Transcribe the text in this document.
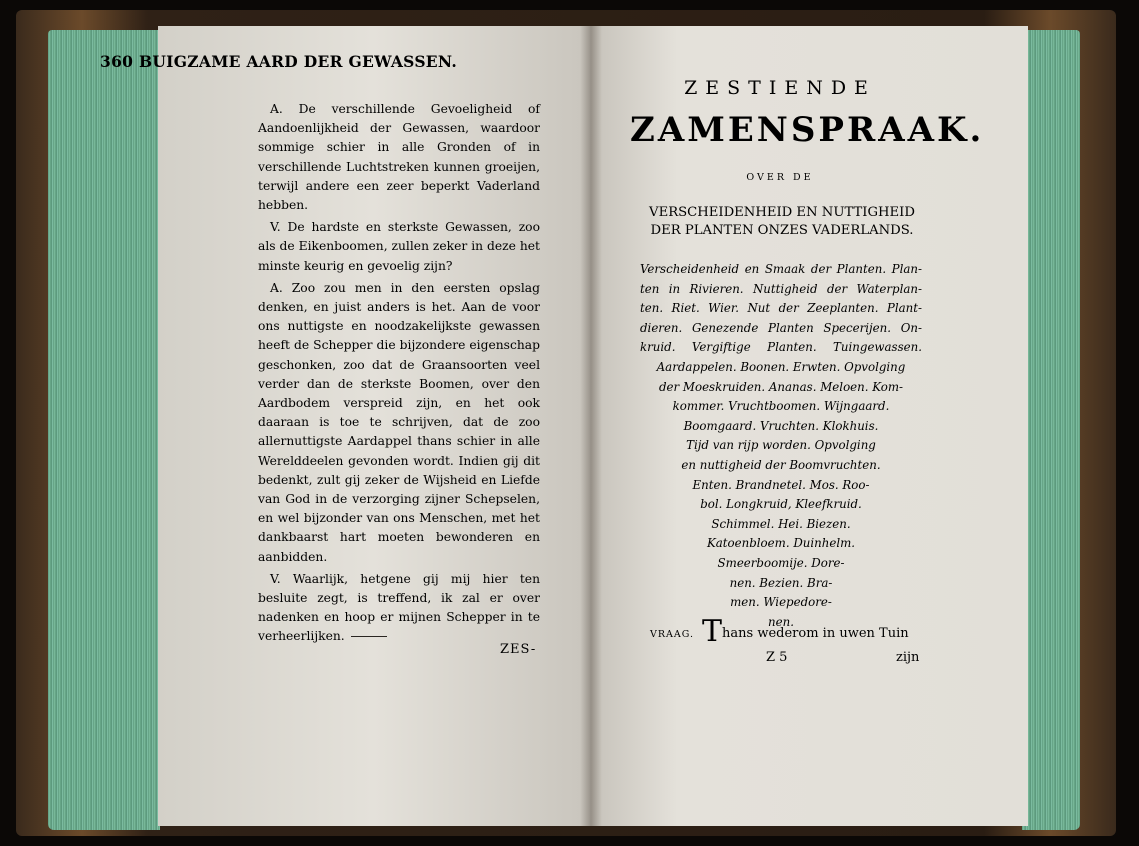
360 BUIGZAME AARD DER GEWASSEN.

A. De verschillende Gevoeligheid of Aandoenlijkheid der Gewassen, waardoor sommige schier in alle Gronden of in verschillende Luchtstreken kunnen groeijen, terwijl andere een zeer beperkt Vaderland hebben.

V. De hardste en sterkste Gewassen, zoo als de Eikenboomen, zullen zeker in deze het minste keurig en gevoelig zijn?

A. Zoo zou men in den eersten opslag denken, en juist anders is het. Aan de voor ons nuttigste en noodzakelijkste gewassen heeft de Schepper die bijzondere eigenschap geschonken, zoo dat de Graansoorten veel verder dan de sterkste Boomen, over den Aardbodem verspreid zijn, en het ook daaraan is toe te schrijven, dat de zoo allernuttigste Aardappel thans schier in alle Werelddeelen gevonden wordt. Indien gij dit bedenkt, zult gij zeker de Wijsheid en Liefde van God in de verzorging zijner Schepselen, en wel bijzonder van ons Menschen, met het dankbaarst hart moeten bewonderen en aanbidden.

V. Waarlijk, hetgene gij mij hier ten besluite zegt, is treffend, ik zal er over nadenken en hoop er mijnen Schepper in te verheerlijken.

ZES-
ZESTIENDE
ZAMENSPRAAK.
OVER DE
VERSCHEIDENHEID EN NUTTIGHEID
DER PLANTEN ONZES VADERLANDS.
Verscheidenheid en Smaak der Planten. Plan-
ten in Rivieren. Nuttigheid der Waterplan-
ten. Riet. Wier. Nut der Zeeplanten. Plant-
dieren. Genezende Planten Specerijen. On-
kruid. Vergiftige Planten. Tuingewassen.
Aardappelen. Boonen. Erwten. Opvolging
der Moeskruiden. Ananas. Meloen. Kom-
kommer. Vruchtboomen. Wijngaard.
Boomgaard. Vruchten. Klokhuis.
Tijd van rijp worden. Opvolging
en nuttigheid der Boomvruchten.
Enten. Brandnetel. Mos. Roo-
bol. Longkruid, Kleefkruid.
Schimmel. Hei. Biezen.
Katoenbloem. Duinhelm.
Smeerboomije. Dore-
nen. Bezien. Bra-
men. Wiepedore-
nen.
VRAAG. Thans wederom in uwen Tuin
Z 5	zijn
